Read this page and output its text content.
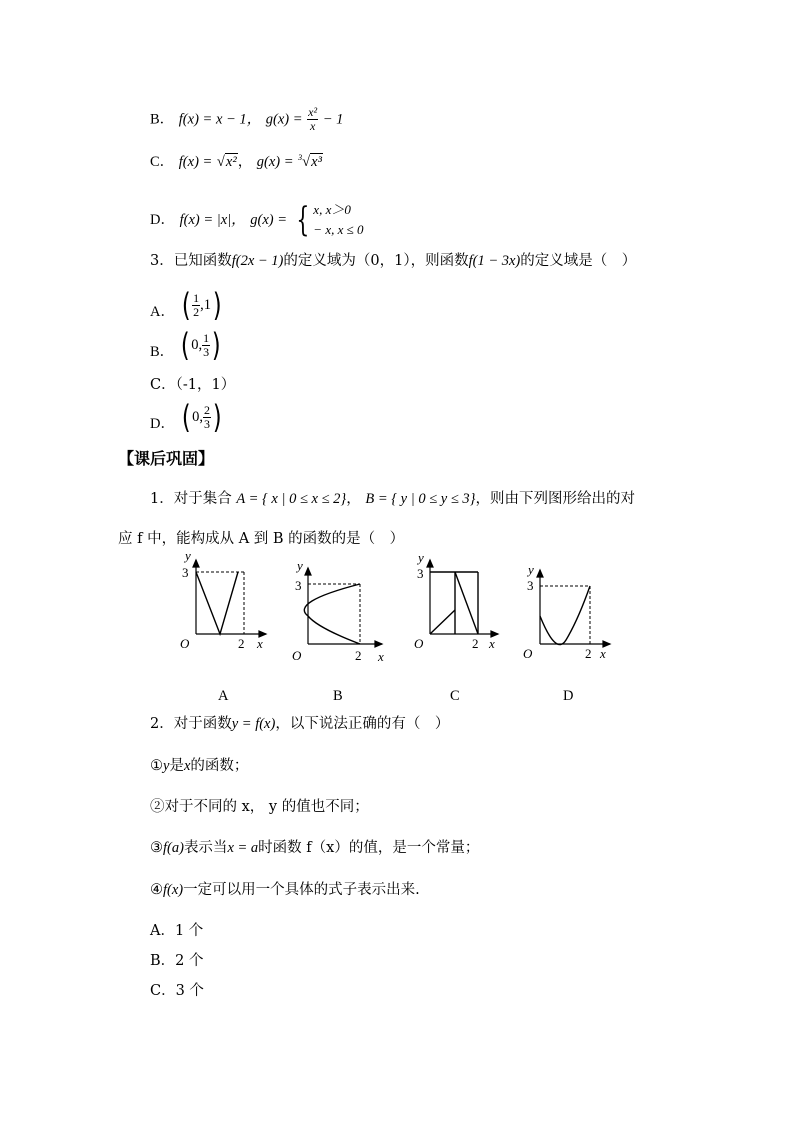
B． f(x) = x − 1， $g(x) = \frac{\text{x²}}{x} - 1$
C． f(x) = √x²， g(x) = $^3$√x³
D． f(x) = |x|， g(x) = { x, x＞0
− x, x ≤ 0
3．已知函数f(2x − 1)的定义域为（0，1），则函数f(1 − 3x)的定义域是（　）
A． ( $\frac{1}{2} ,1$ )
B． ( 0, $\frac{1}{3}$ )
C．（-1，1）
D． ( 0, $\frac{2}{3}$ )
【课后巩固】
1．对于集合 A = { x | 0 ≤ x ≤ 2}， B = { y | 0 ≤ y ≤ 3}，则由下列图形给出的对
应 f 中，能构成从 A 到 B 的函数的是（　）
y
3
O	2 x
y
3
O	2 x
y
3
O	2 x
y
3
O	2 x
A	B	C	D
2．对于函数y = f(x)，以下说法正确的有（　）
①y是x的函数；
②对于不同的 x， y 的值也不同；
③f(a)表示当x = a时函数 f（x）的值，是一个常量；
④f(x)一定可以用一个具体的式子表示出来.
A．1 个
B．2 个
C．3 个
